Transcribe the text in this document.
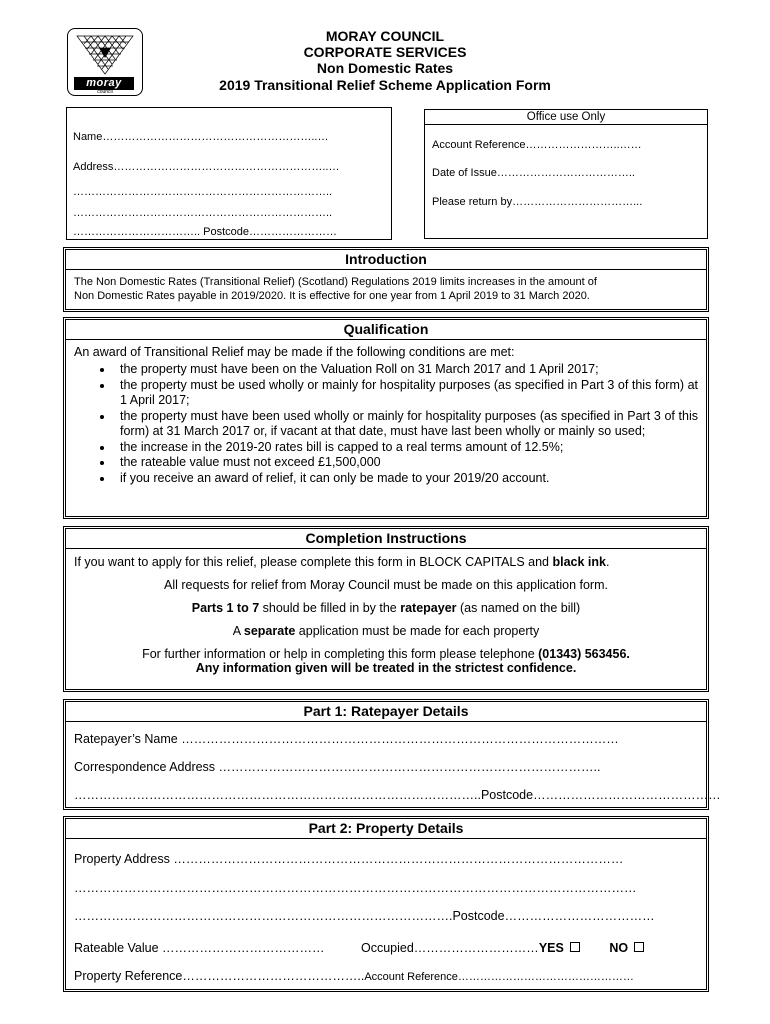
moray
council
MORAY COUNCIL
CORPORATE SERVICES
Non Domestic Rates
2019 Transitional Relief Scheme Application Form
Name…………………………………………………..…
Address…………………………………………………..…
……………………………………………………………..
……………………………………………………………..
…………………………….. Postcode……………………
Office use Only
Account Reference……………………..……
Date of Issue………………………………..
Please return by……………………………...
Introduction
The Non Domestic Rates (Transitional Relief) (Scotland) Regulations 2019 limits increases in the amount of
Non Domestic Rates payable in 2019/2020. It is effective for one year from 1 April 2019 to 31 March 2020.
Qualification
An award of Transitional Relief may be made if the following conditions are met:
• the property must have been on the Valuation Roll on 31 March 2017 and 1 April 2017;
• the property must be used wholly or mainly for hospitality purposes (as specified in Part 3 of this form) at 1 April 2017;
• the property must have been used wholly or mainly for hospitality purposes (as specified in Part 3 of this form) at 31 March 2017 or, if vacant at that date, must have last been wholly or mainly so used;
• the increase in the 2019-20 rates bill is capped to a real terms amount of 12.5%;
• the rateable value must not exceed £1,500,000
• if you receive an award of relief, it can only be made to your 2019/20 account.
Completion Instructions
If you want to apply for this relief, please complete this form in BLOCK CAPITALS and black ink.
All requests for relief from Moray Council must be made on this application form.
Parts 1 to 7 should be filled in by the ratepayer (as named on the bill)
A separate application must be made for each property
For further information or help in completing this form please telephone (01343) 563456.
Any information given will be treated in the strictest confidence.
Part 1: Ratepayer Details
Ratepayer’s Name ……………………………………………………………………………………………
Correspondence Address ………………………………………………………………………………..
……………………………………………………………………………………..Postcode………………………………………
Part 2: Property Details
Property Address ………………………………………………………………………………………………
………………………………………………………………………………………………………………………
……………………………………………………………………………….Postcode………………………………
Rateable Value …………………………………	Occupied…………………………YES	NO
Property Reference……………………………………..Account Reference…………………………………………
